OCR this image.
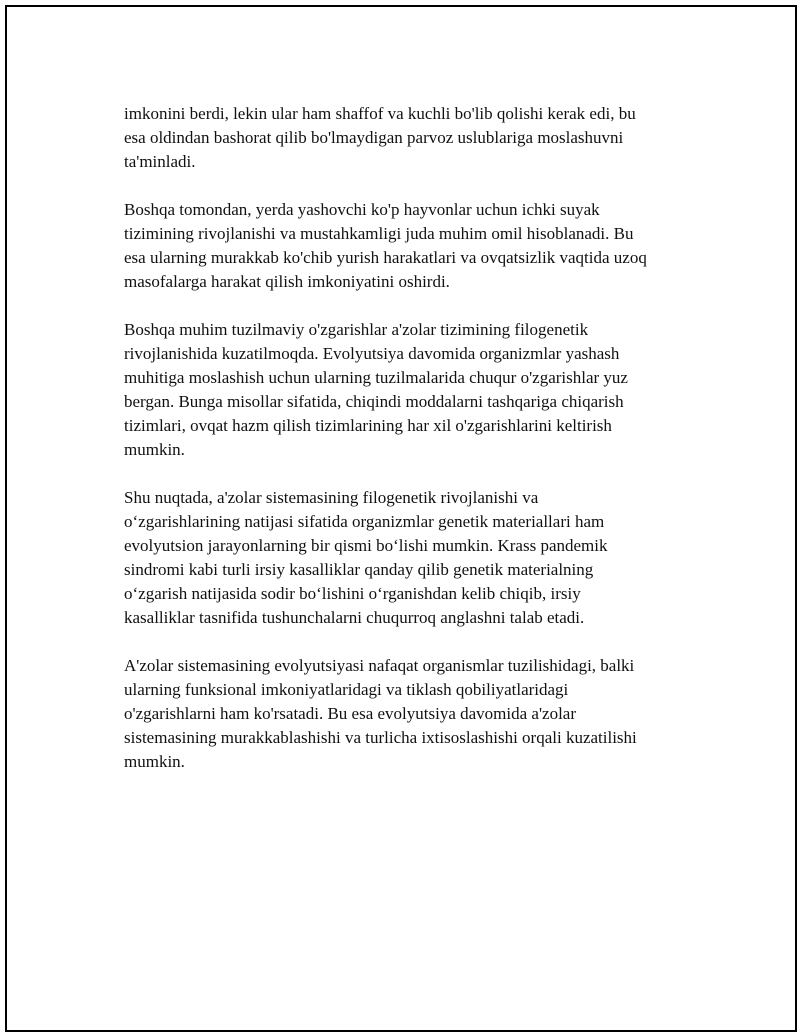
imkonini berdi, lekin ular ham shaffof va kuchli bo'lib qolishi kerak edi, bu
esa oldindan bashorat qilib bo'lmaydigan parvoz uslublariga moslashuvni
ta'minladi.

Boshqa tomondan, yerda yashovchi ko'p hayvonlar uchun ichki suyak
tizimining rivojlanishi va mustahkamligi juda muhim omil hisoblanadi. Bu
esa ularning murakkab ko'chib yurish harakatlari va ovqatsizlik vaqtida uzoq
masofalarga harakat qilish imkoniyatini oshirdi.

Boshqa muhim tuzilmaviy o'zgarishlar a'zolar tizimining filogenetik
rivojlanishida kuzatilmoqda. Evolyutsiya davomida organizmlar yashash
muhitiga moslashish uchun ularning tuzilmalarida chuqur o'zgarishlar yuz
bergan. Bunga misollar sifatida, chiqindi moddalarni tashqariga chiqarish
tizimlari, ovqat hazm qilish tizimlarining har xil o'zgarishlarini keltirish
mumkin.

Shu nuqtada, a'zolar sistemasining filogenetik rivojlanishi va
o‘zgarishlarining natijasi sifatida organizmlar genetik materiallari ham
evolyutsion jarayonlarning bir qismi bo‘lishi mumkin. Krass pandemik
sindromi kabi turli irsiy kasalliklar qanday qilib genetik materialning
o‘zgarish natijasida sodir bo‘lishini o‘rganishdan kelib chiqib, irsiy
kasalliklar tasnifida tushunchalarni chuqurroq anglashni talab etadi.

A'zolar sistemasining evolyutsiyasi nafaqat organismlar tuzilishidagi, balki
ularning funksional imkoniyatlaridagi va tiklash qobiliyatlaridagi
o'zgarishlarni ham ko'rsatadi. Bu esa evolyutsiya davomida a'zolar
sistemasining murakkablashishi va turlicha ixtisoslashishi orqali kuzatilishi
mumkin.
